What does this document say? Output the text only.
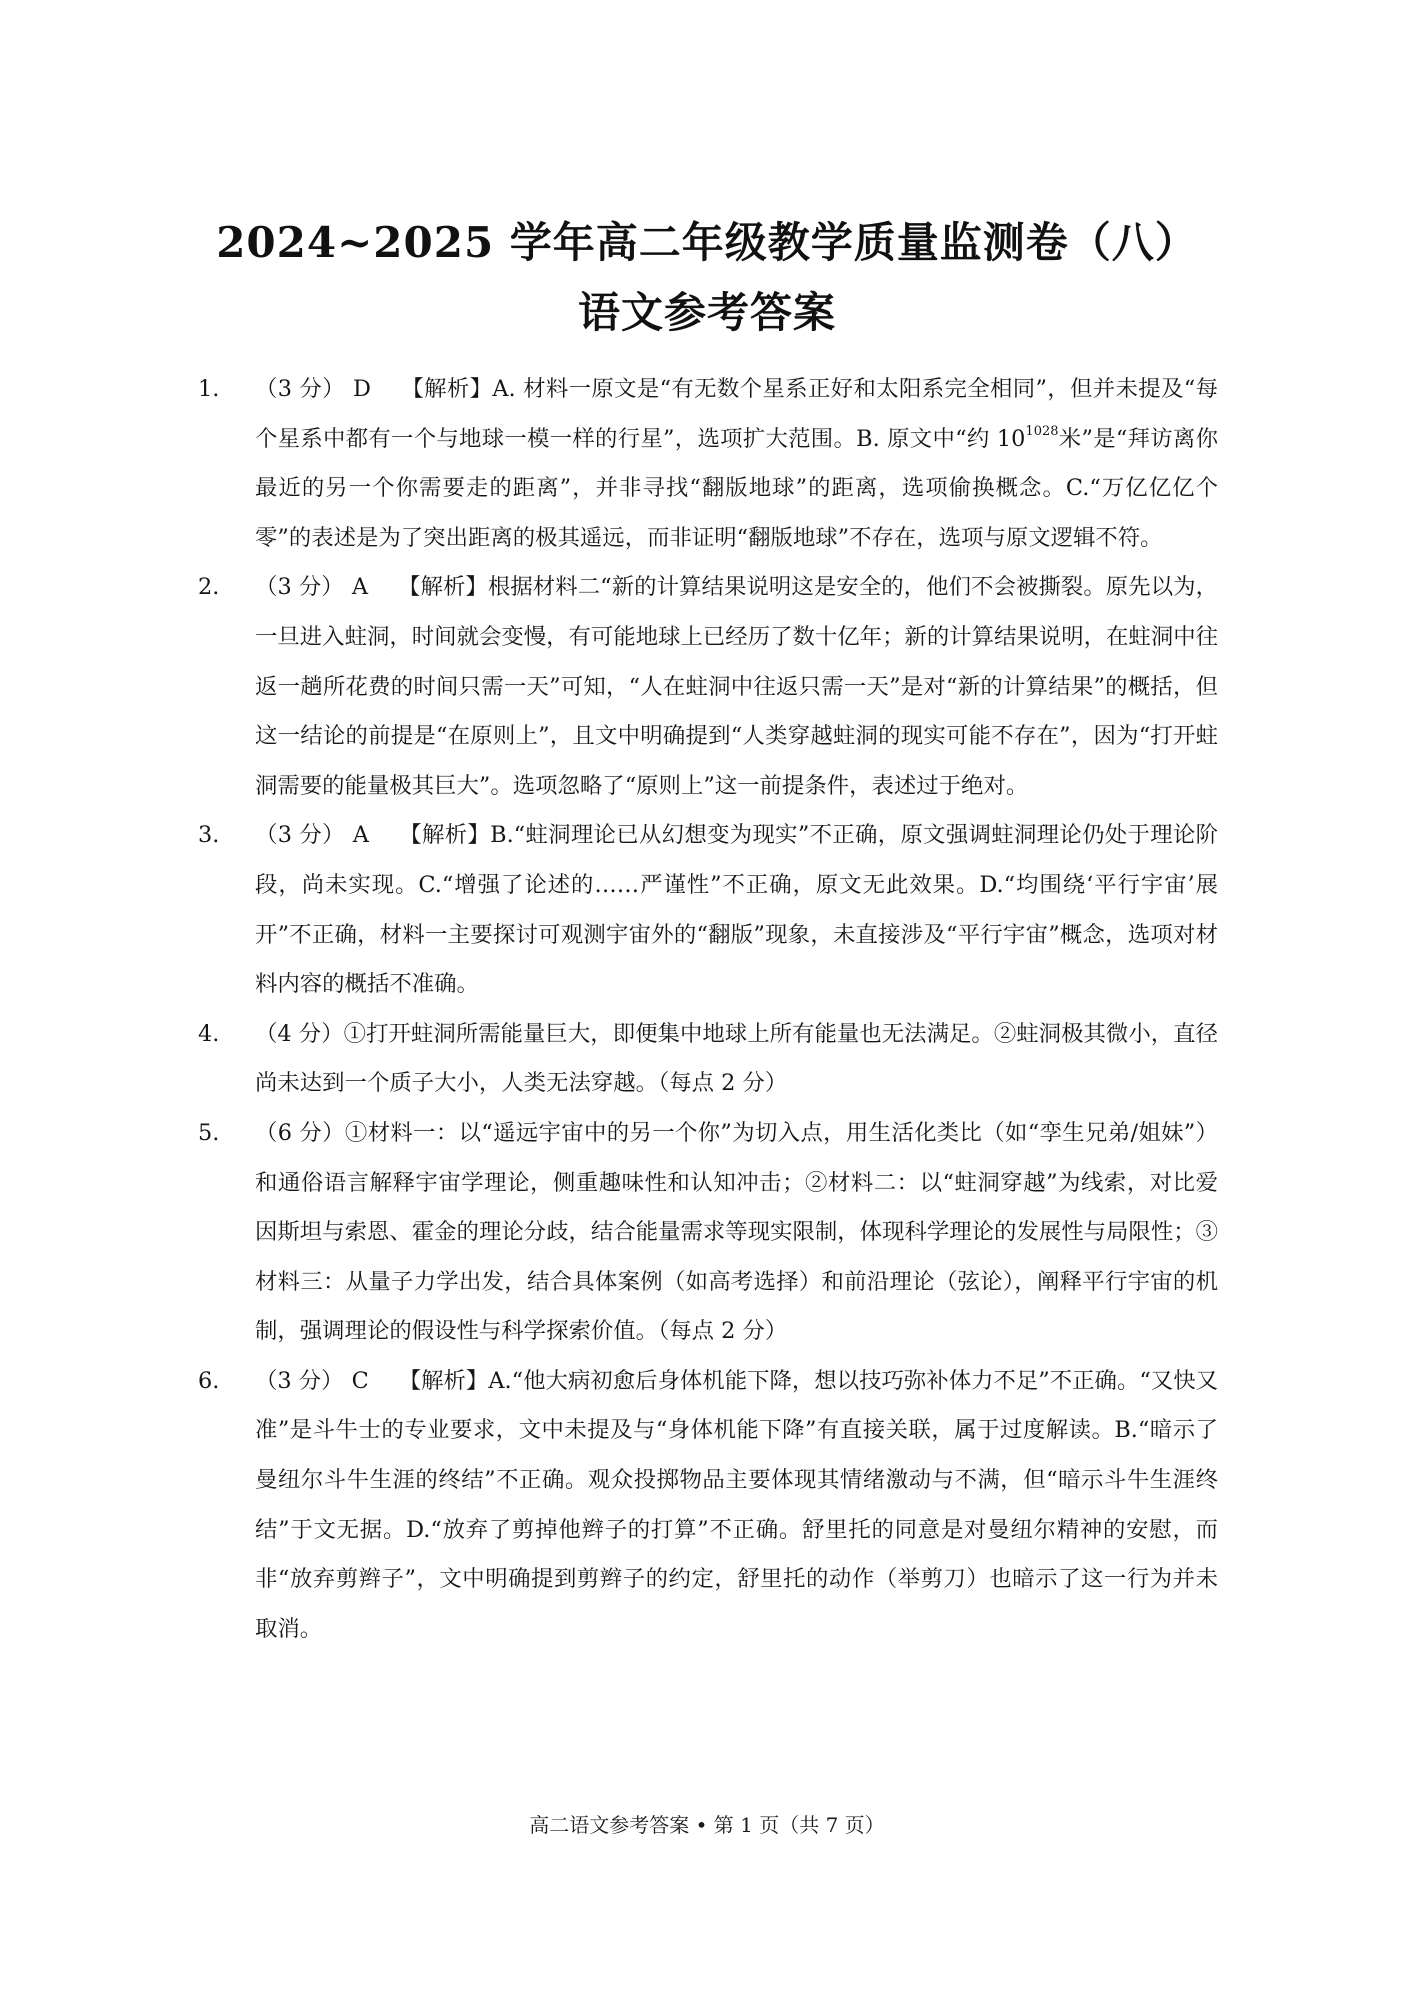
2024~2025 学年高二年级教学质量监测卷（八）
语文参考答案
1. （3 分） D 【解析】A. 材料一原文是“有无数个星系正好和太阳系完全相同”，但并未提及“每个星系中都有一个与地球一模一样的行星”，选项扩大范围。B. 原文中“约 $10^{1028}$米”是“拜访离你最近的另一个你需要走的距离”，并非寻找“翻版地球”的距离，选项偷换概念。C.“万亿亿亿个零”的表述是为了突出距离的极其遥远，而非证明“翻版地球”不存在，选项与原文逻辑不符。
2. （3 分） A 【解析】根据材料二“新的计算结果说明这是安全的，他们不会被撕裂。原先以为，一旦进入蛀洞，时间就会变慢，有可能地球上已经历了数十亿年；新的计算结果说明，在蛀洞中往返一趟所花费的时间只需一天”可知，“人在蛀洞中往返只需一天”是对“新的计算结果”的概括，但这一结论的前提是“在原则上”，且文中明确提到“人类穿越蛀洞的现实可能不存在”，因为“打开蛀洞需要的能量极其巨大”。选项忽略了“原则上”这一前提条件，表述过于绝对。
3. （3 分） A 【解析】B.“蛀洞理论已从幻想变为现实”不正确，原文强调蛀洞理论仍处于理论阶段，尚未实现。C.“增强了论述的……严谨性”不正确，原文无此效果。D.“均围绕‘平行宇宙’展开”不正确，材料一主要探讨可观测宇宙外的“翻版”现象，未直接涉及“平行宇宙”概念，选项对材料内容的概括不准确。
4. （4 分）①打开蛀洞所需能量巨大，即便集中地球上所有能量也无法满足。②蛀洞极其微小，直径尚未达到一个质子大小，人类无法穿越。（每点 2 分）
5. （6 分）①材料一：以“遥远宇宙中的另一个你”为切入点，用生活化类比（如“孪生兄弟/姐妹”）和通俗语言解释宇宙学理论，侧重趣味性和认知冲击；②材料二：以“蛀洞穿越”为线索，对比爱因斯坦与索恩、霍金的理论分歧，结合能量需求等现实限制，体现科学理论的发展性与局限性；③材料三：从量子力学出发，结合具体案例（如高考选择）和前沿理论（弦论），阐释平行宇宙的机制，强调理论的假设性与科学探索价值。（每点 2 分）
6. （3 分） C 【解析】A.“他大病初愈后身体机能下降，想以技巧弥补体力不足”不正确。“又快又准”是斗牛士的专业要求，文中未提及与“身体机能下降”有直接关联，属于过度解读。B.“暗示了曼纽尔斗牛生涯的终结”不正确。观众投掷物品主要体现其情绪激动与不满，但“暗示斗牛生涯终结”于文无据。D.“放弃了剪掉他辫子的打算”不正确。舒里托的同意是对曼纽尔精神的安慰，而非“放弃剪辫子”，文中明确提到剪辫子的约定，舒里托的动作（举剪刀）也暗示了这一行为并未取消。
高二语文参考答案 • 第 1 页（共 7 页）
